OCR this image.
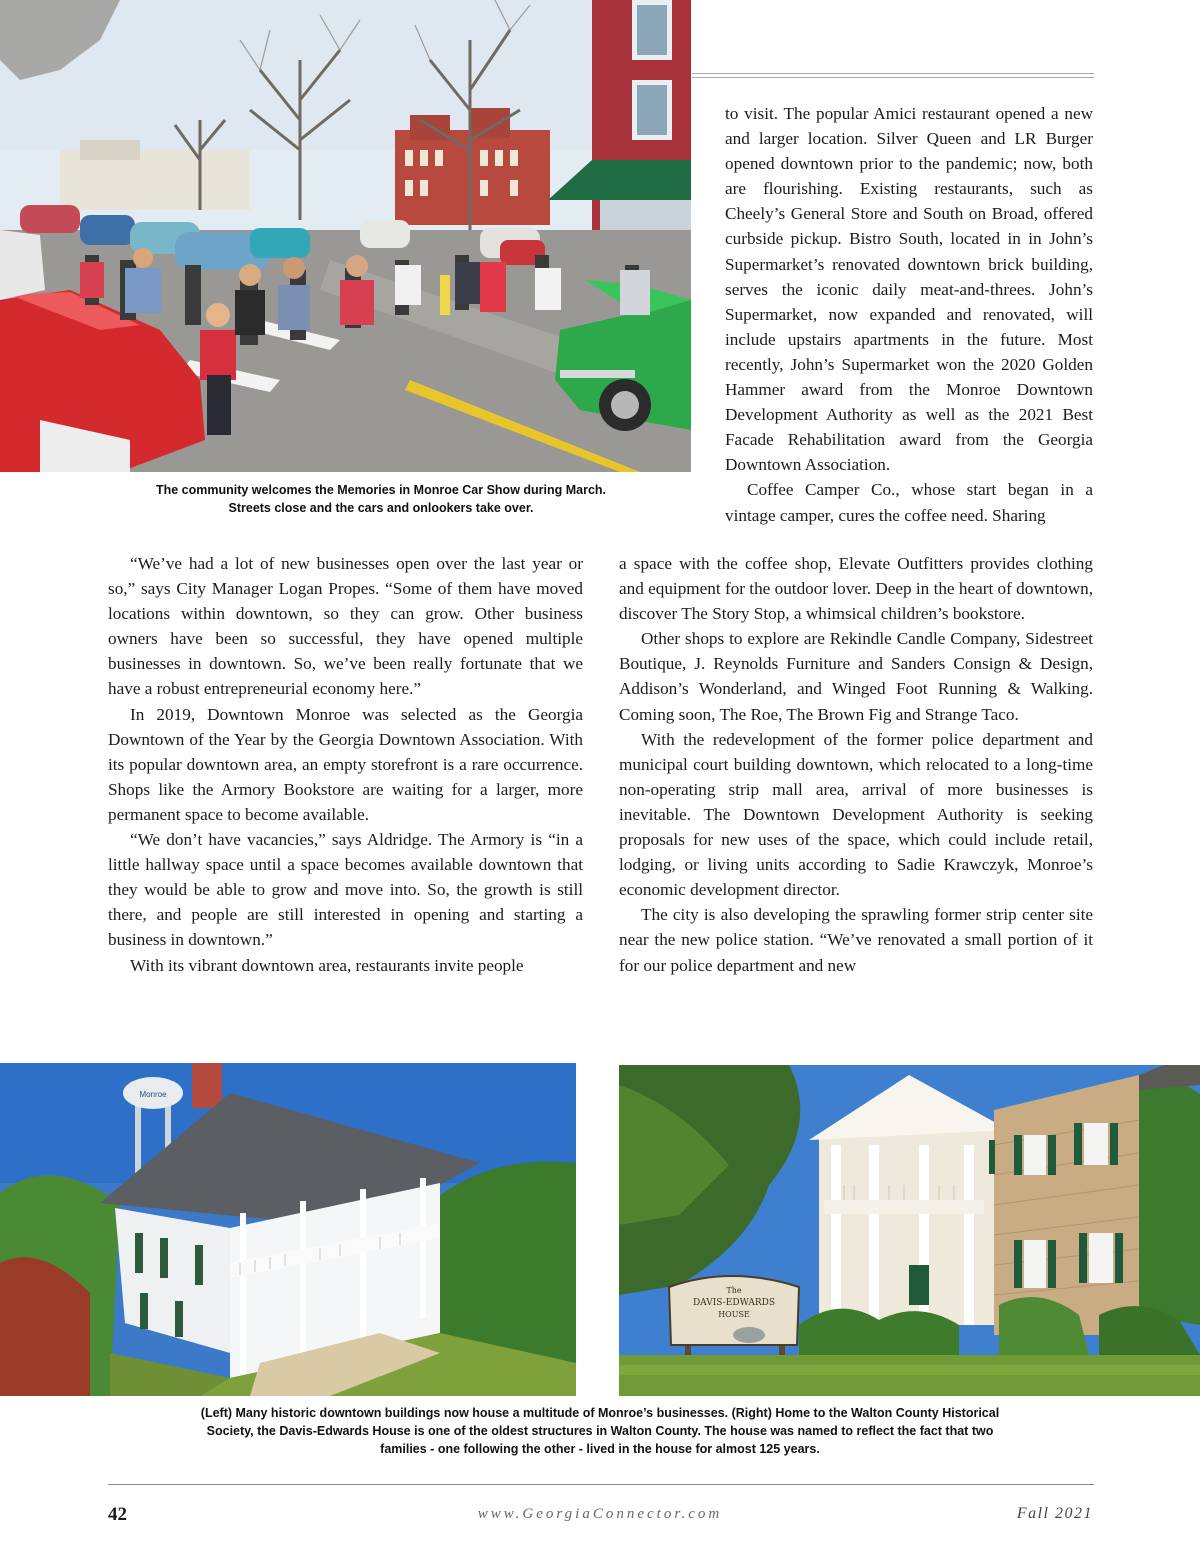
The community welcomes the Memories in Monroe Car Show during March.
Streets close and the cars and onlookers take over.

to visit. The popular Amici restaurant opened a new and larger location. Silver Queen and LR Burger opened downtown prior to the pandemic; now, both are flourishing. Existing restaurants, such as Cheely’s General Store and South on Broad, offered curbside pickup. Bistro South, located in in John’s Supermarket’s renovated downtown brick building, serves the iconic daily meat-and-threes. John’s Supermarket, now expanded and renovated, will include upstairs apartments in the future. Most recently, John’s Supermarket won the 2020 Golden Hammer award from the Monroe Downtown Development Authority as well as the 2021 Best Facade Rehabilitation award from the Georgia Downtown Association.

Coffee Camper Co., whose start began in a vintage camper, cures the coffee need. Sharing

“We’ve had a lot of new businesses open over the last year or so,” says City Manager Logan Propes. “Some of them have moved locations within downtown, so they can grow. Other business owners have been so successful, they have opened multiple businesses in downtown. So, we’ve been really fortunate that we have a robust entrepreneurial economy here.”

In 2019, Downtown Monroe was selected as the Georgia Downtown of the Year by the Georgia Downtown Association. With its popular downtown area, an empty storefront is a rare occurrence. Shops like the Armory Bookstore are waiting for a larger, more permanent space to become available.

“We don’t have vacancies,” says Aldridge. The Armory is “in a little hallway space until a space becomes available downtown that they would be able to grow and move into. So, the growth is still there, and people are still interested in opening and starting a business in downtown.”

With its vibrant downtown area, restaurants invite people

a space with the coffee shop, Elevate Outfitters provides clothing and equipment for the outdoor lover. Deep in the heart of downtown, discover The Story Stop, a whimsical children’s bookstore.

Other shops to explore are Rekindle Candle Company, Sidestreet Boutique, J. Reynolds Furniture and Sanders Consign & Design, Addison’s Wonderland, and Winged Foot Running & Walking. Coming soon, The Roe, The Brown Fig and Strange Taco.

With the redevelopment of the former police department and municipal court building downtown, which relocated to a long-time non-operating strip mall area, arrival of more businesses is inevitable. The Downtown Development Authority is seeking proposals for new uses of the space, which could include retail, lodging, or living units according to Sadie Krawczyk, Monroe’s economic development director.

The city is also developing the sprawling former strip center site near the new police station. “We’ve renovated a small portion of it for our police department and new

Monroe
The
DAVIS-EDWARDS
HOUSE
(Left) Many historic downtown buildings now house a multitude of Monroe’s businesses. (Right) Home to the Walton County Historical
Society, the Davis-Edwards House is one of the oldest structures in Walton County. The house was named to reflect the fact that two
families - one following the other - lived in the house for almost 125 years.
42	www.GeorgiaConnector.com	Fall 2021
